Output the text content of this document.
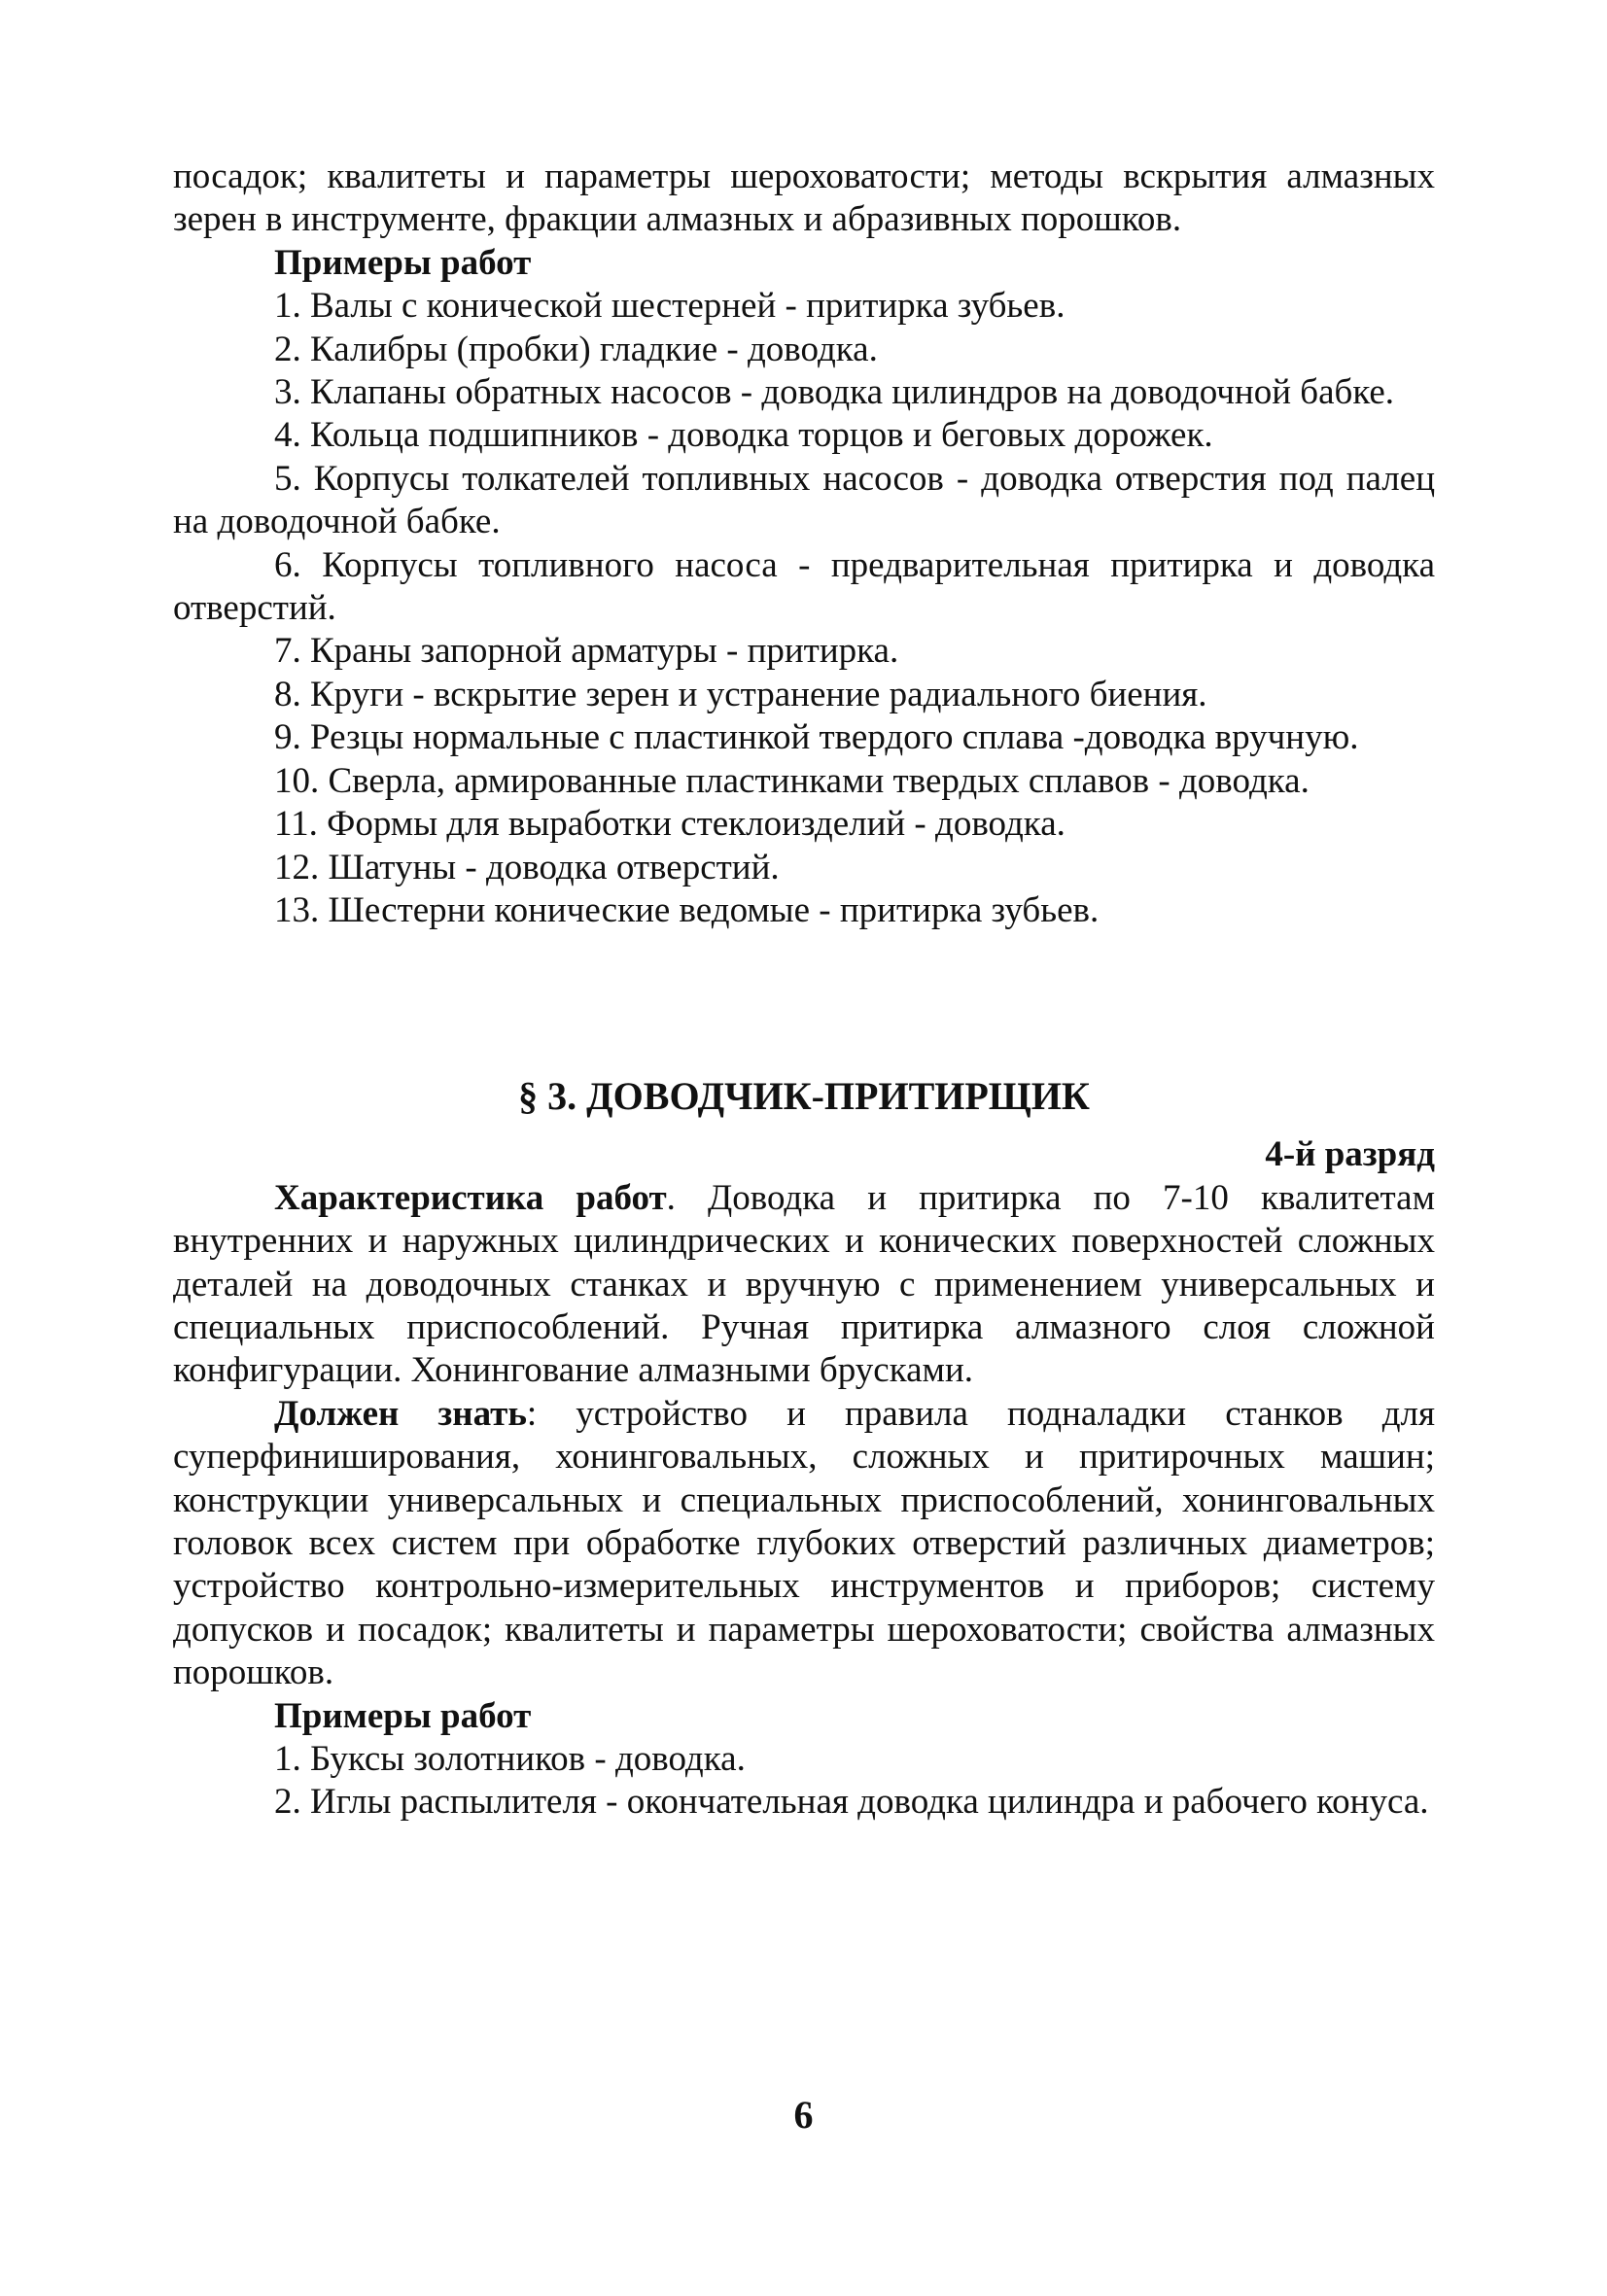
посадок; квалитеты и параметры шероховатости; методы вскрытия алмазных зерен в инструменте, фракции алмазных и абразивных порошков.

Примеры работ

1. Валы с конической шестерней - притирка зубьев.

2. Калибры (пробки) гладкие - доводка.

3. Клапаны обратных насосов - доводка цилиндров на доводочной бабке.

4. Кольца подшипников - доводка торцов и беговых дорожек.

5. Корпусы толкателей топливных насосов - доводка отверстия под палец на доводочной бабке.

6. Корпусы топливного насоса - предварительная притирка и доводка отверстий.

7. Краны запорной арматуры - притирка.

8. Круги - вскрытие зерен и устранение радиального биения.

9. Резцы нормальные с пластинкой твердого сплава -доводка вручную.

10. Сверла, армированные пластинками твердых сплавов - доводка.

11. Формы для выработки стеклоизделий - доводка.

12. Шатуны - доводка отверстий.

13. Шестерни конические ведомые - притирка зубьев.

§ 3. ДОВОДЧИК-ПРИТИРЩИК
4-й разряд

Характеристика работ. Доводка и притирка по 7-10 квалитетам внутренних и наружных цилиндрических и конических поверхностей сложных деталей на доводочных станках и вручную с применением универсальных и специальных приспособлений. Ручная притирка алмазного слоя сложной конфигурации. Хонингование алмазными брусками.

Должен знать: устройство и правила подналадки станков для суперфиниширования, хонинговальных, сложных и притирочных машин; конструкции универсальных и специальных приспособлений, хонинговальных головок всех систем при обработке глубоких отверстий различных диаметров; устройство контрольно-измерительных инструментов и приборов; систему допусков и посадок; квалитеты и параметры шероховатости; свойства алмазных порошков.

Примеры работ

1. Буксы золотников - доводка.

2. Иглы распылителя - окончательная доводка цилиндра и рабочего конуса.

6
